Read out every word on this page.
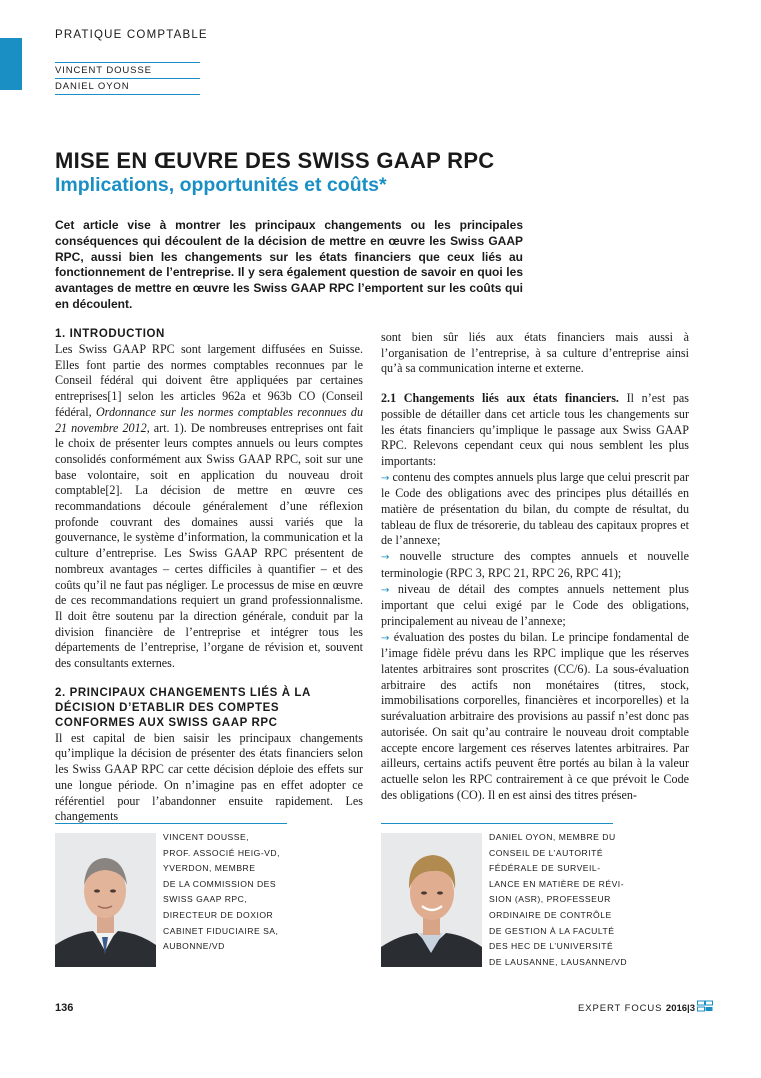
PRATIQUE COMPTABLE
VINCENT DOUSSE
DANIEL OYON
MISE EN ŒUVRE DES SWISS GAAP RPC
Implications, opportunités et coûts*
Cet article vise à montrer les principaux changements ou les principales conséquences qui découlent de la décision de mettre en œuvre les Swiss GAAP RPC, aussi bien les changements sur les états financiers que ceux liés au fonctionnement de l’entreprise. Il y sera également question de savoir en quoi les avantages de mettre en œuvre les Swiss GAAP RPC l’emportent sur les coûts qui en découlent.
1. INTRODUCTION

Les Swiss GAAP RPC sont largement diffusées en Suisse. Elles font partie des normes comptables reconnues par le Conseil fédéral qui doivent être appliquées par certaines entreprises[1] selon les articles 962a et 963b CO (Conseil fédéral, Ordonnance sur les normes comptables reconnues du 21 novembre 2012, art. 1). De nombreuses entreprises ont fait le choix de présenter leurs comptes annuels ou leurs comptes consolidés conformément aux Swiss GAAP RPC, soit sur une base volontaire, soit en application du nouveau droit comptable[2]. La décision de mettre en œuvre ces recommandations découle généralement d’une réflexion profonde couvrant des domaines aussi variés que la gouvernance, le système d’information, la communication et la culture d’entreprise. Les Swiss GAAP RPC présentent de nombreux avantages – certes difficiles à quantifier – et des coûts qu’il ne faut pas négliger. Le processus de mise en œuvre de ces recommandations requiert un grand professionnalisme. Il doit être soutenu par la direction générale, conduit par la division financière de l’entreprise et intégrer tous les départements de l’entreprise, l’organe de révision et, souvent des consultants externes.

2. PRINCIPAUX CHANGEMENTS LIÉS À LA DÉCISION D’ETABLIR DES COMPTES CONFORMES AUX SWISS GAAP RPC

Il est capital de bien saisir les principaux changements qu’implique la décision de présenter des états financiers selon les Swiss GAAP RPC car cette décision déploie des effets sur une longue période. On n’imagine pas en effet adopter ce référentiel pour l’abandonner ensuite rapidement. Les changements

sont bien sûr liés aux états financiers mais aussi à l’organisation de l’entreprise, à sa culture d’entreprise ainsi qu’à sa communication interne et externe.

2.1 Changements liés aux états financiers. Il n’est pas possible de détailler dans cet article tous les changements sur les états financiers qu’implique le passage aux Swiss GAAP RPC. Relevons cependant ceux qui nous semblent les plus importants:

→ contenu des comptes annuels plus large que celui prescrit par le Code des obligations avec des principes plus détaillés en matière de présentation du bilan, du compte de résultat, du tableau de flux de trésorerie, du tableau des capitaux propres et de l’annexe;

→ nouvelle structure des comptes annuels et nouvelle terminologie (RPC 3, RPC 21, RPC 26, RPC 41);

→ niveau de détail des comptes annuels nettement plus important que celui exigé par le Code des obligations, principalement au niveau de l’annexe;

→ évaluation des postes du bilan. Le principe fondamental de l’image fidèle prévu dans les RPC implique que les réserves latentes arbitraires sont proscrites (CC/6). La sous-évaluation arbitraire des actifs non monétaires (titres, stock, immobilisations corporelles, financières et incorporelles) et la surévaluation arbitraire des provisions au passif n’est donc pas autorisée. On sait qu’au contraire le nouveau droit comptable accepte encore largement ces réserves latentes arbitraires. Par ailleurs, certains actifs peuvent être portés au bilan à la valeur actuelle selon les RPC contrairement à ce que prévoit le Code des obligations (CO). Il en est ainsi des titres présen-

VINCENT DOUSSE,
PROF. ASSOCIÉ HEIG-VD,
YVERDON, MEMBRE
DE LA COMMISSION DES
SWISS GAAP RPC,
DIRECTEUR DE DOXIOR
CABINET FIDUCIAIRE SA,
AUBONNE/VD
DANIEL OYON, MEMBRE DU
CONSEIL DE L’AUTORITÉ
FÉDÉRALE DE SURVEIL-
LANCE EN MATIÈRE DE RÉVI-
SION (ASR), PROFESSEUR
ORDINAIRE DE CONTRÔLE
DE GESTION À LA FACULTÉ
DES HEC DE L’UNIVERSITÉ
DE LAUSANNE, LAUSANNE/VD
136	EXPERT FOCUS 2016|3
